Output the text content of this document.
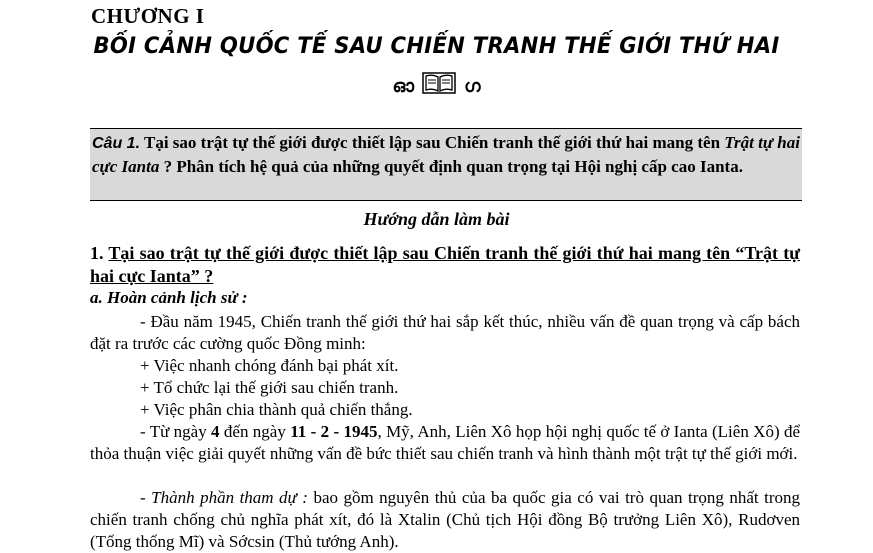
CHƯƠNG I
BỐI CẢNH QUỐC TẾ SAU CHIẾN TRANH THẾ GIỚI THỨ HAI
ഓ	ഗ
Câu 1. Tại sao trật tự thế giới được thiết lập sau Chiến tranh thế giới thứ hai mang tên Trật tự hai cực Ianta ? Phân tích hệ quả của những quyết định quan trọng tại Hội nghị cấp cao Ianta.
Hướng dẫn làm bài
1. Tại sao trật tự thế giới được thiết lập sau Chiến tranh thế giới thứ hai mang tên “Trật tự hai cực Ianta” ?
a. Hoàn cảnh lịch sử :
- Đầu năm 1945, Chiến tranh thế giới thứ hai sắp kết thúc, nhiều vấn đề quan trọng và cấp bách đặt ra trước các cường quốc Đồng minh:
+ Việc nhanh chóng đánh bại phát xít.
+ Tổ chức lại thế giới sau chiến tranh.
+ Việc phân chia thành quả chiến thắng.
- Từ ngày 4 đến ngày 11 - 2 - 1945, Mỹ, Anh, Liên Xô họp hội nghị quốc tế ở Ianta (Liên Xô) để thỏa thuận việc giải quyết những vấn đề bức thiết sau chiến tranh và hình thành một trật tự thế giới mới.
- Thành phần tham dự : bao gồm nguyên thủ của ba quốc gia có vai trò quan trọng nhất trong chiến tranh chống chủ nghĩa phát xít, đó là Xtalin (Chủ tịch Hội đồng Bộ trưởng Liên Xô), Rudơven (Tổng thống Mĩ) và Sớcsin (Thủ tướng Anh).
